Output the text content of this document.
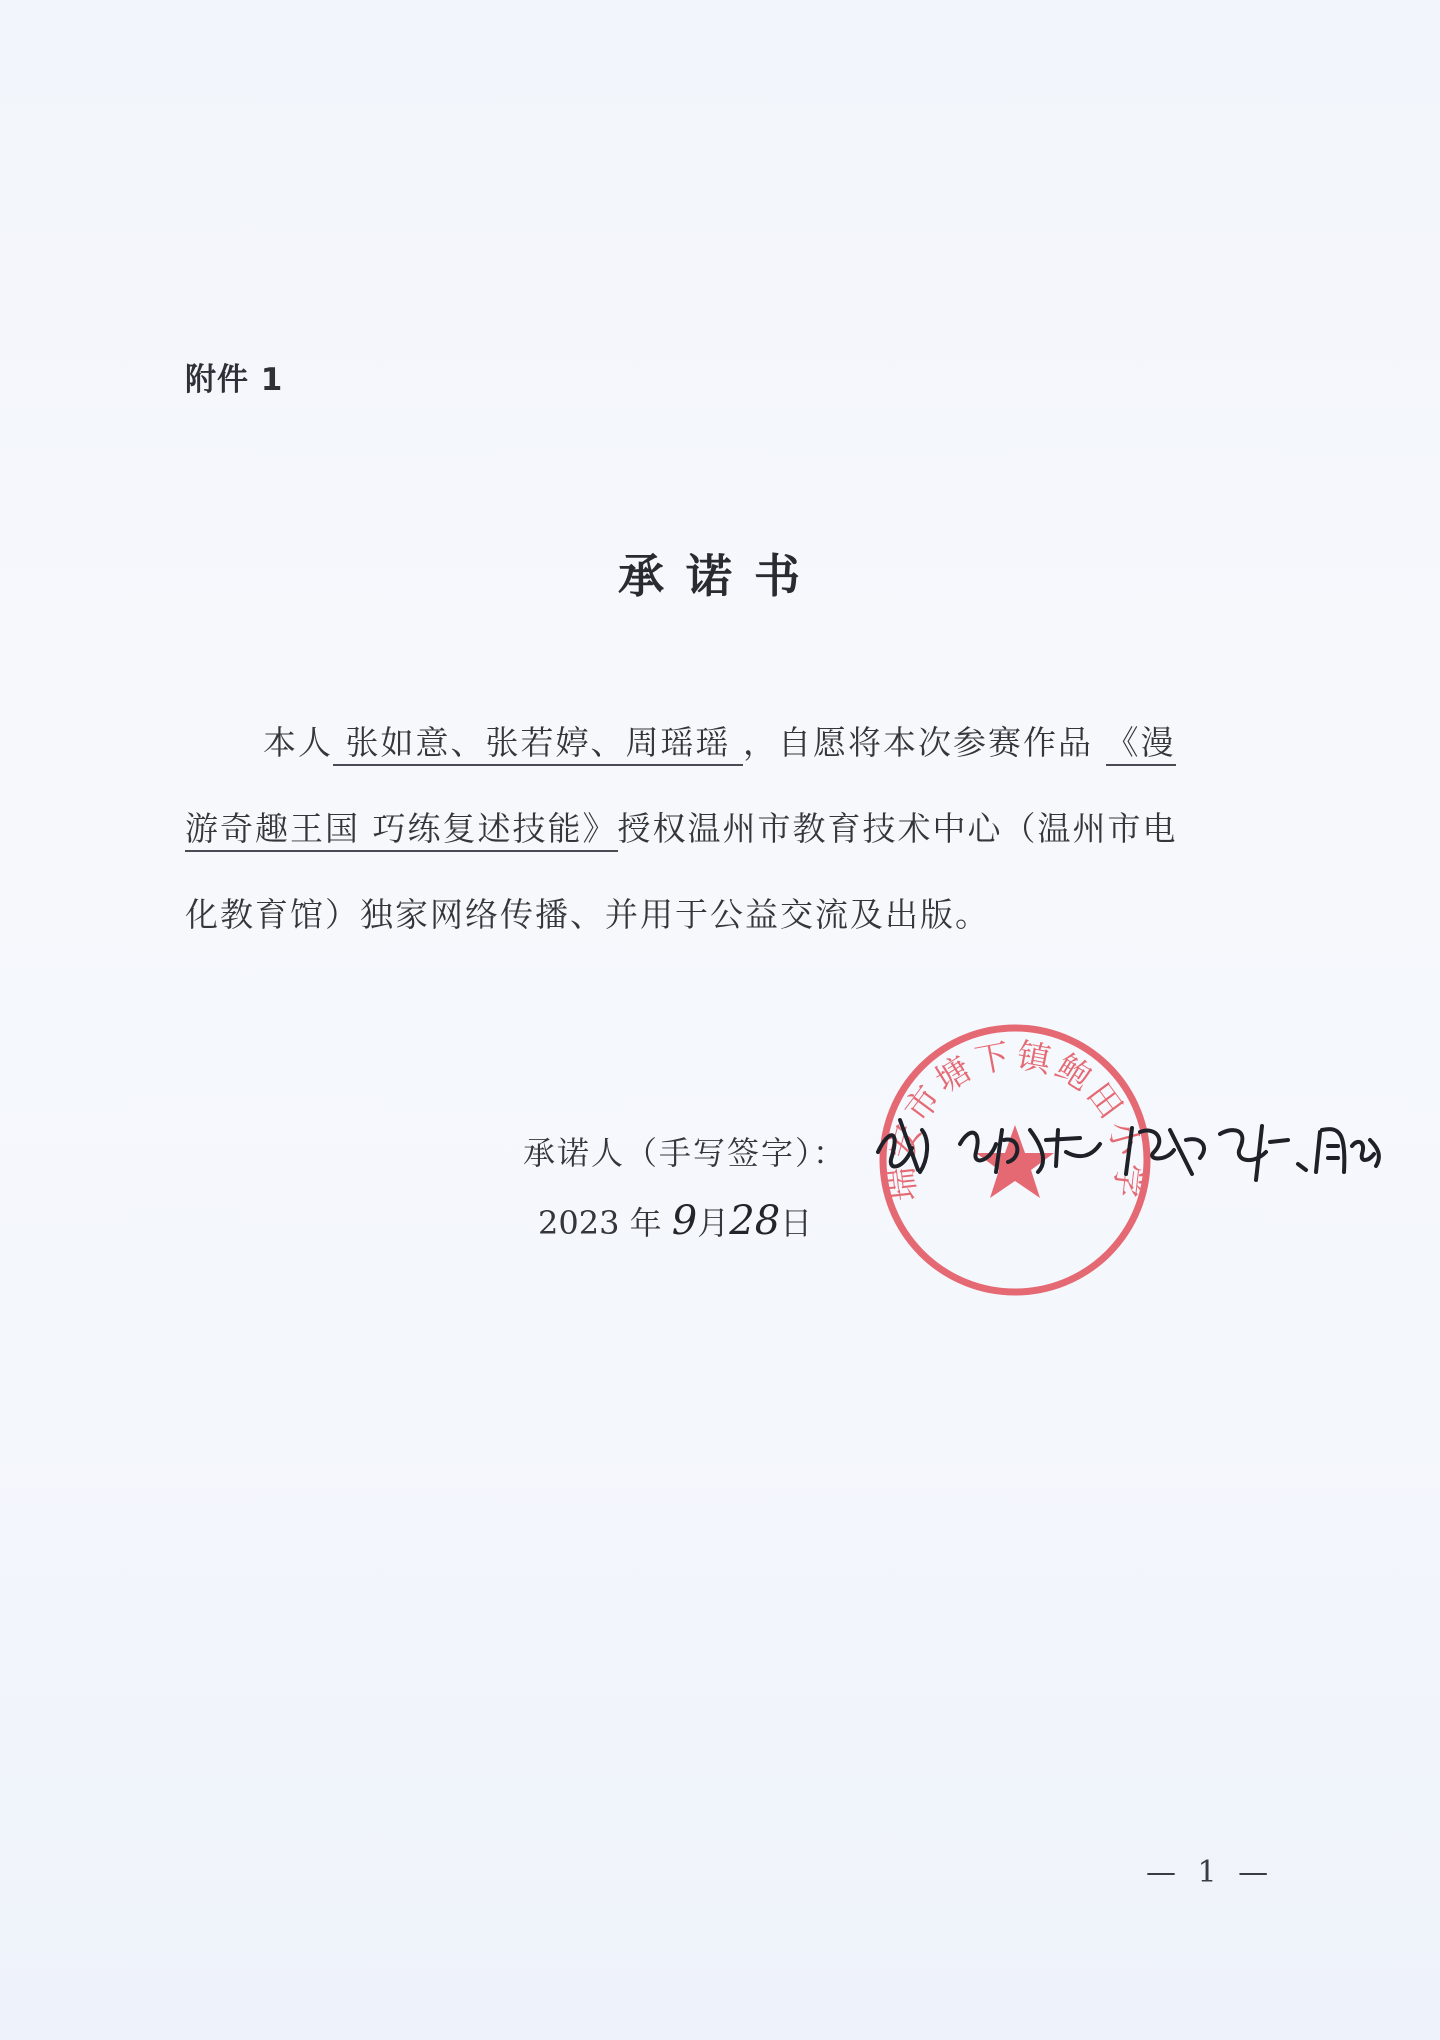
附件 1
承诺书
本人 张如意、张若婷、周瑶瑶 ，自愿将本次参赛作品 《漫
游奇趣王国 巧练复述技能》授权温州市教育技术中心（温州市电
化教育馆）独家网络传播、并用于公益交流及出版。
瑞安市塘下镇鲍田小学
承诺人（手写签字）：
2023 年 9月28日
— 1 —
